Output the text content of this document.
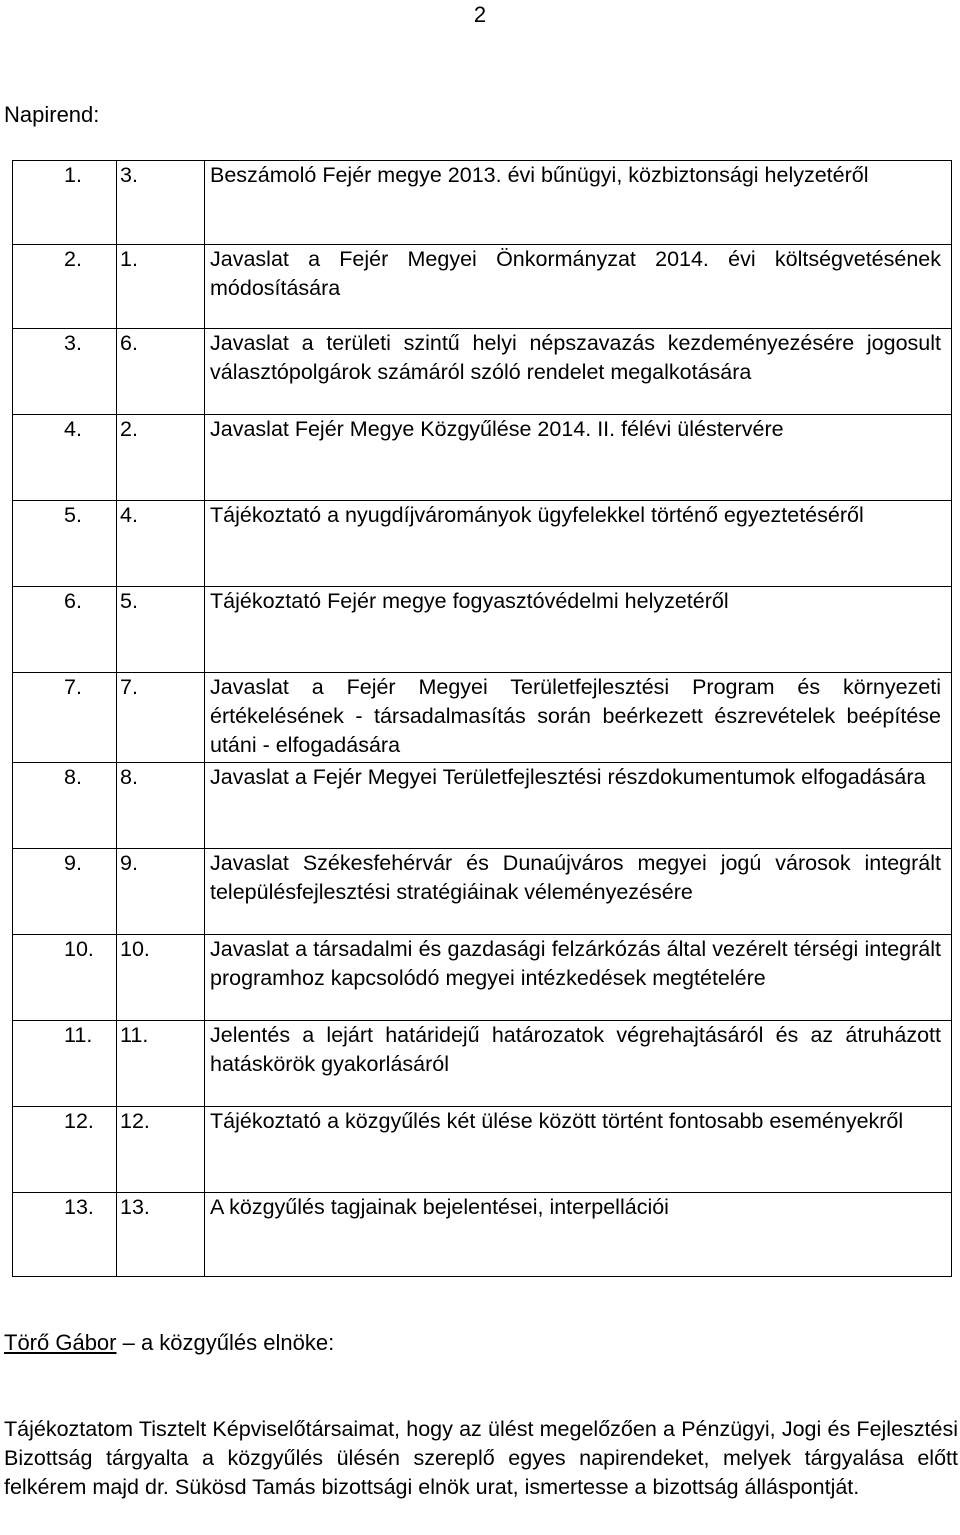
2
Napirend:
1.	3.	Beszámoló Fejér megye 2013. évi bűnügyi, közbiztonsági helyzetéről
2.	1.	Javaslat a Fejér Megyei Önkormányzat 2014. évi költségvetésének módosítására
3.	6.	Javaslat a területi szintű helyi népszavazás kezdeményezésére jogosult választópolgárok számáról szóló rendelet megalkotására
4.	2.	Javaslat Fejér Megye Közgyűlése 2014. II. félévi üléstervére
5.	4.	Tájékoztató a nyugdíjvárományok ügyfelekkel történő egyeztetéséről
6.	5.	Tájékoztató Fejér megye fogyasztóvédelmi helyzetéről
7.	7.	Javaslat a Fejér Megyei Területfejlesztési Program és környezeti értékelésének - társadalmasítás során beérkezett észrevételek beépítése utáni - elfogadására
8.	8.	Javaslat a Fejér Megyei Területfejlesztési részdokumentumok elfogadására
9.	9.	Javaslat Székesfehérvár és Dunaújváros megyei jogú városok integrált településfejlesztési stratégiáinak véleményezésére
10.	10.	Javaslat a társadalmi és gazdasági felzárkózás által vezérelt térségi integrált programhoz kapcsolódó megyei intézkedések megtételére
11.	11.	Jelentés a lejárt határidejű határozatok végrehajtásáról és az átruházott hatáskörök gyakorlásáról
12.	12.	Tájékoztató a közgyűlés két ülése között történt fontosabb eseményekről
13.	13.	A közgyűlés tagjainak bejelentései, interpellációi
Törő Gábor – a közgyűlés elnöke:
Tájékoztatom Tisztelt Képviselőtársaimat, hogy az ülést megelőzően a Pénzügyi, Jogi és Fejlesztési Bizottság tárgyalta a közgyűlés ülésén szereplő egyes napirendeket, melyek tárgyalása előtt felkérem majd dr. Sükösd Tamás bizottsági elnök urat, ismertesse a bizottság álláspontját.
